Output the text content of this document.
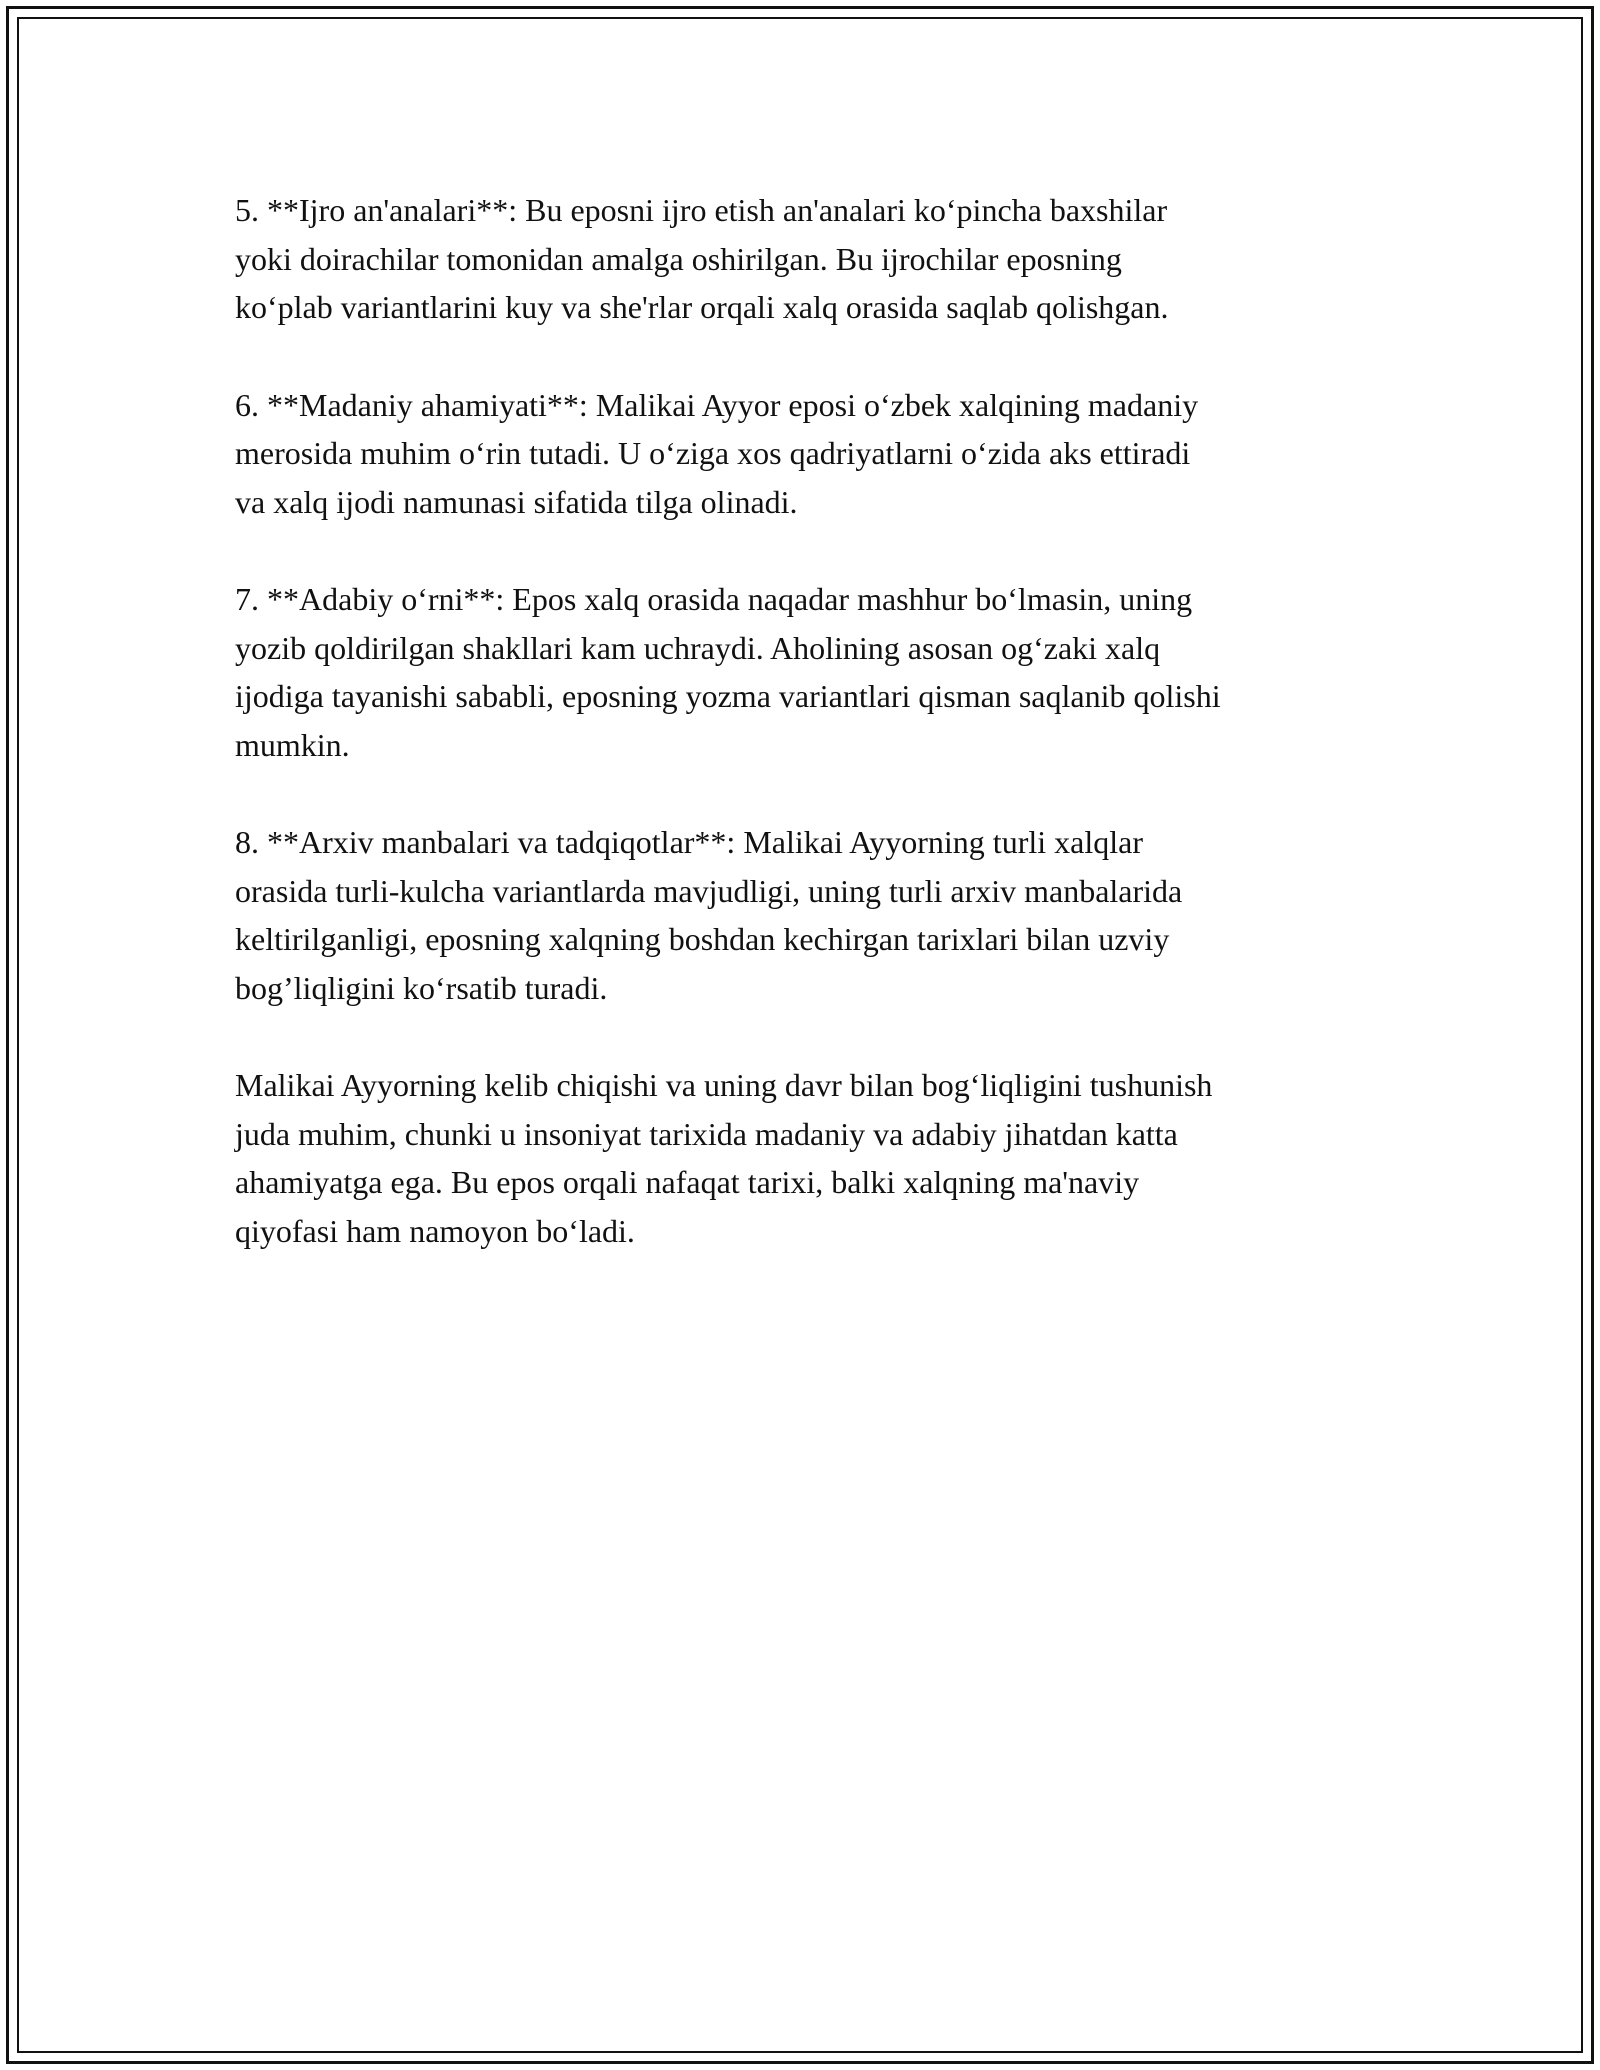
5. **Ijro an'analari**: Bu eposni ijro etish an'analari ko‘pincha baxshilar
yoki doirachilar tomonidan amalga oshirilgan. Bu ijrochilar eposning
ko‘plab variantlarini kuy va she'rlar orqali xalq orasida saqlab qolishgan.

6. **Madaniy ahamiyati**: Malikai Ayyor eposi o‘zbek xalqining madaniy
merosida muhim o‘rin tutadi. U o‘ziga xos qadriyatlarni o‘zida aks ettiradi
va xalq ijodi namunasi sifatida tilga olinadi.

7. **Adabiy o‘rni**: Epos xalq orasida naqadar mashhur bo‘lmasin, uning
yozib qoldirilgan shakllari kam uchraydi. Aholining asosan og‘zaki xalq
ijodiga tayanishi sababli, eposning yozma variantlari qisman saqlanib qolishi
mumkin.

8. **Arxiv manbalari va tadqiqotlar**: Malikai Ayyorning turli xalqlar
orasida turli-kulcha variantlarda mavjudligi, uning turli arxiv manbalarida
keltirilganligi, eposning xalqning boshdan kechirgan tarixlari bilan uzviy
bog’liqligini ko‘rsatib turadi.

Malikai Ayyorning kelib chiqishi va uning davr bilan bog‘liqligini tushunish
juda muhim, chunki u insoniyat tarixida madaniy va adabiy jihatdan katta
ahamiyatga ega. Bu epos orqali nafaqat tarixi, balki xalqning ma'naviy
qiyofasi ham namoyon bo‘ladi.
